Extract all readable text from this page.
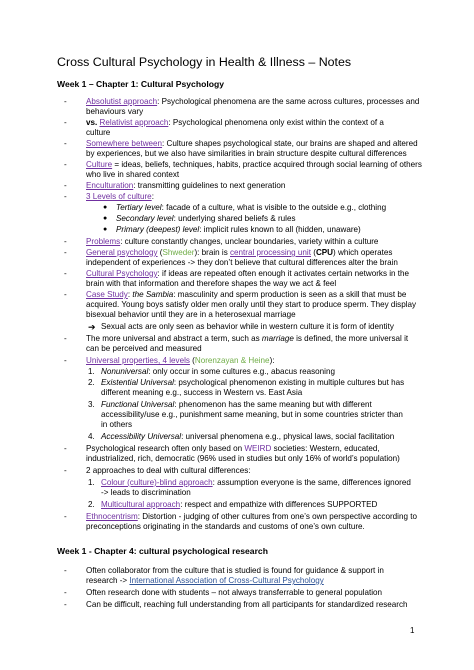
Cross Cultural Psychology in Health & Illness – Notes
Week 1 – Chapter 1: Cultural Psychology
- Absolutist approach: Psychological phenomena are the same across cultures, processes and
behaviours vary
- vs. Relativist approach: Psychological phenomena only exist within the context of a
culture
- Somewhere between: Culture shapes psychological state, our brains are shaped and altered
by experiences, but we also have similarities in brain structure despite cultural differences
- Culture = ideas, beliefs, techniques, habits, practice acquired through social learning of others
who live in shared context
- Enculturation: transmitting guidelines to next generation
- 3 Levels of culture:
● Tertiary level: facade of a culture, what is visible to the outside e.g., clothing
● Secondary level: underlying shared beliefs & rules
● Primary (deepest) level: implicit rules known to all (hidden, unaware)
- Problems: culture constantly changes, unclear boundaries, variety within a culture
- General psychology (Shweder): brain is central processing unit (CPU) which operates
independent of experiences -> they don’t believe that cultural differences alter the brain
- Cultural Psychology: if ideas are repeated often enough it activates certain networks in the
brain with that information and therefore shapes the way we act & feel
- Case Study: the Sambia: masculinity and sperm production is seen as a skill that must be
acquired. Young boys satisfy older men orally until they start to produce sperm. They display
bisexual behavior until they are in a heterosexual marriage
➔ Sexual acts are only seen as behavior while in western culture it is form of identity
- The more universal and abstract a term, such as marriage is defined, the more universal it
can be perceived and measured
- Universal properties, 4 levels (Norenzayan & Heine):
1. Nonuniversal: only occur in some cultures e.g., abacus reasoning
2. Existential Universal: psychological phenomenon existing in multiple cultures but has
different meaning e.g., success in Western vs. East Asia
3. Functional Universal: phenomenon has the same meaning but with different
accessibility/use e.g., punishment same meaning, but in some countries stricter than
in others
4. Accessibility Universal: universal phenomena e.g., physical laws, social facilitation
- Psychological research often only based on WEIRD societies: Western, educated,
industrialized, rich, democratic (96% used in studies but only 16% of world’s population)
- 2 approaches to deal with cultural differences:
1. Colour (culture)-blind approach: assumption everyone is the same, differences ignored
-> leads to discrimination
2. Multicultural approach: respect and empathize with differences SUPPORTED
- Ethnocentrism: Distortion - judging of other cultures from one’s own perspective according to
preconceptions originating in the standards and customs of one’s own culture.
Week 1 - Chapter 4: cultural psychological research
- Often collaborator from the culture that is studied is found for guidance & support in
research -> International Association of Cross-Cultural Psychology
- Often research done with students – not always transferrable to general population
- Can be difficult, reaching full understanding from all participants for standardized research
1
